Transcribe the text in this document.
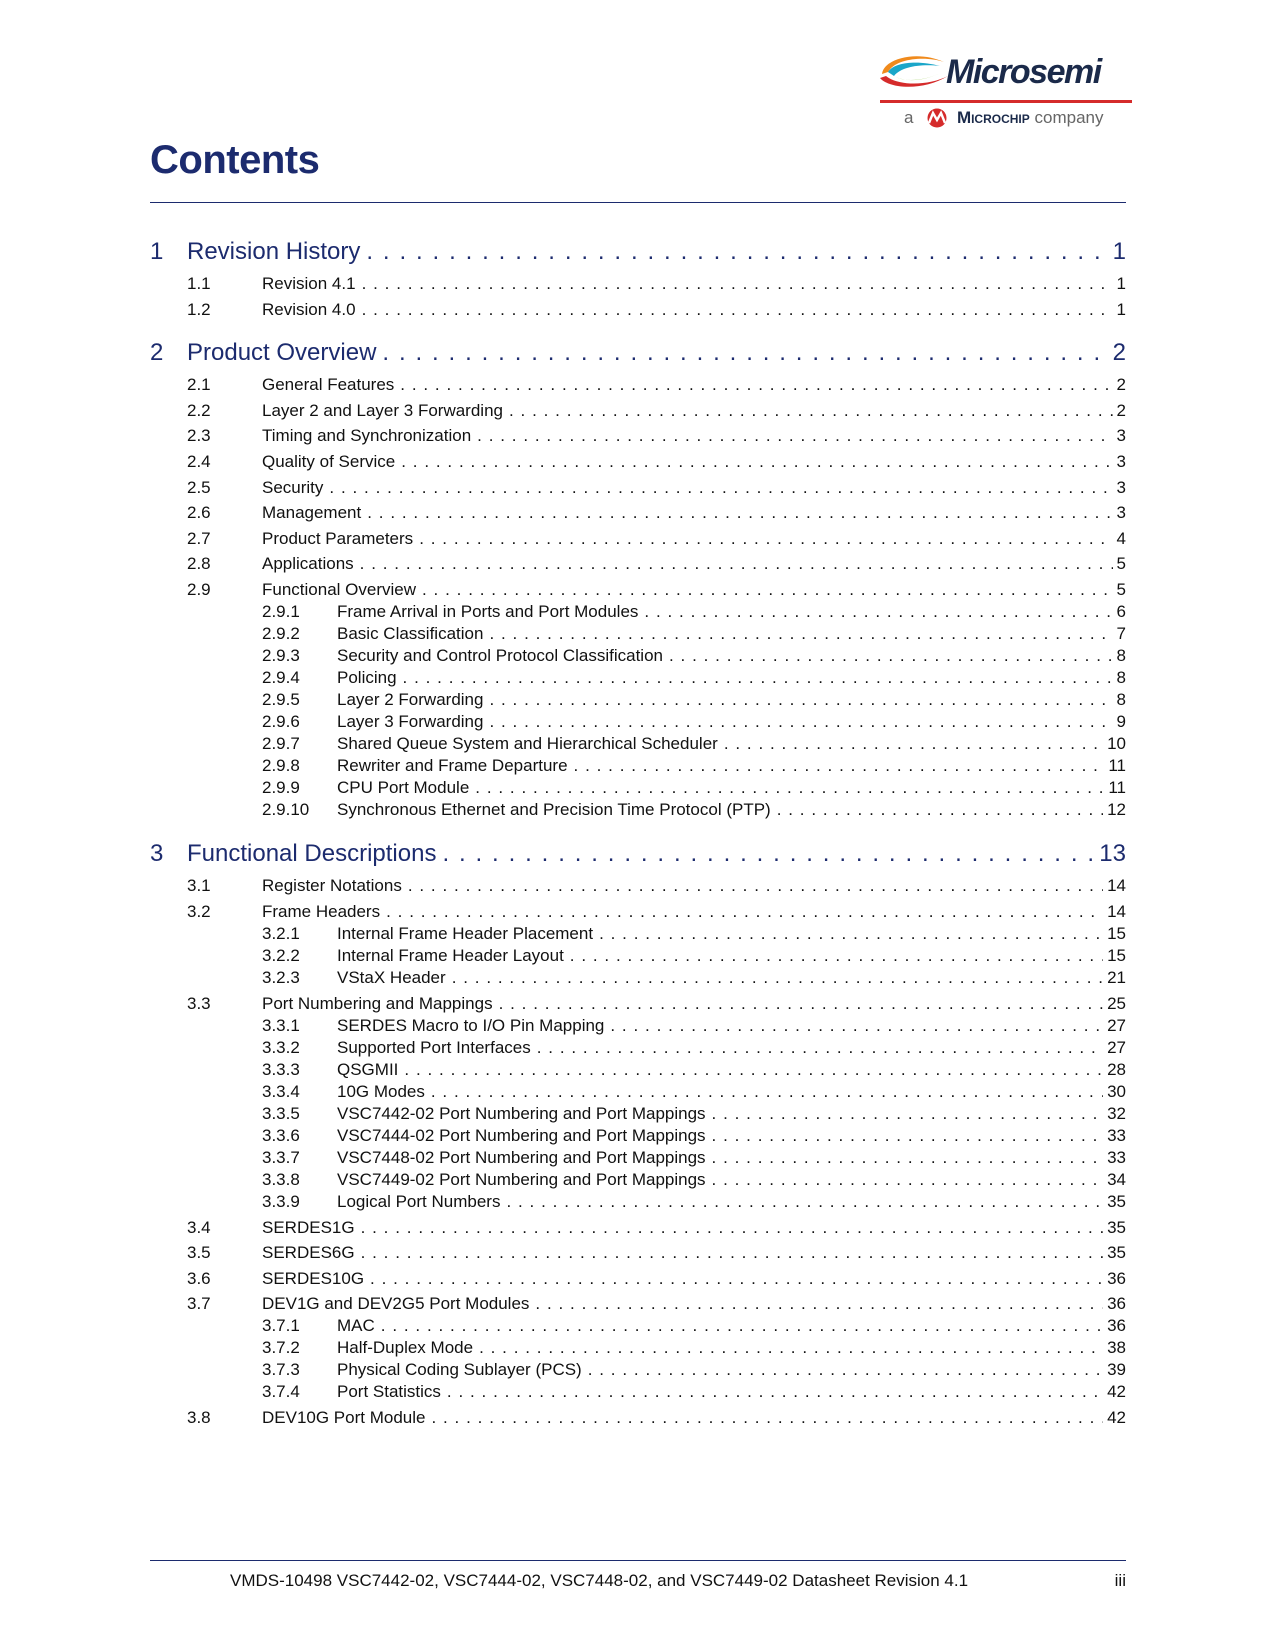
Microsemi
a	Microchip company
Contents
1 Revision History . . .	1
1.1	Revision 4.1 . . .	1
1.2	Revision 4.0 . . .	1
2 Product Overview . . .	2
2.1	General Features . . .	2
2.2	Layer 2 and Layer 3 Forwarding . . .	2
2.3	Timing and Synchronization . . .	3
2.4	Quality of Service . . .	3
2.5	Security . . .	3
2.6	Management . . .	3
2.7	Product Parameters . . .	4
2.8	Applications . . .	5
2.9	Functional Overview . . .	5
2.9.1	Frame Arrival in Ports and Port Modules . . .	6
2.9.2	Basic Classification . . .	7
2.9.3	Security and Control Protocol Classification . . .	8
2.9.4	Policing . . .	8
2.9.5	Layer 2 Forwarding . . .	8
2.9.6	Layer 3 Forwarding . . .	9
2.9.7	Shared Queue System and Hierarchical Scheduler . . .	10
2.9.8	Rewriter and Frame Departure . . .	11
2.9.9	CPU Port Module . . .	11
2.9.10	Synchronous Ethernet and Precision Time Protocol (PTP) . . .	12
3 Functional Descriptions . . .	13
3.1	Register Notations . . .	14
3.2	Frame Headers . . .	14
3.2.1	Internal Frame Header Placement . . .	15
3.2.2	Internal Frame Header Layout . . .	15
3.2.3	VStaX Header . . .	21
3.3	Port Numbering and Mappings . . .	25
3.3.1	SERDES Macro to I/O Pin Mapping . . .	27
3.3.2	Supported Port Interfaces . . .	27
3.3.3	QSGMII . . .	28
3.3.4	10G Modes . . .	30
3.3.5	VSC7442-02 Port Numbering and Port Mappings . . .	32
3.3.6	VSC7444-02 Port Numbering and Port Mappings . . .	33
3.3.7	VSC7448-02 Port Numbering and Port Mappings . . .	33
3.3.8	VSC7449-02 Port Numbering and Port Mappings . . .	34
3.3.9	Logical Port Numbers . . .	35
3.4	SERDES1G . . .	35
3.5	SERDES6G . . .	35
3.6	SERDES10G . . .	36
3.7	DEV1G and DEV2G5 Port Modules . . .	36
3.7.1	MAC . . .	36
3.7.2	Half-Duplex Mode . . .	38
3.7.3	Physical Coding Sublayer (PCS) . . .	39
3.7.4	Port Statistics . . .	42
3.8	DEV10G Port Module . . .	42
VMDS-10498 VSC7442-02, VSC7444-02, VSC7448-02, and VSC7449-02 Datasheet Revision 4.1	iii
